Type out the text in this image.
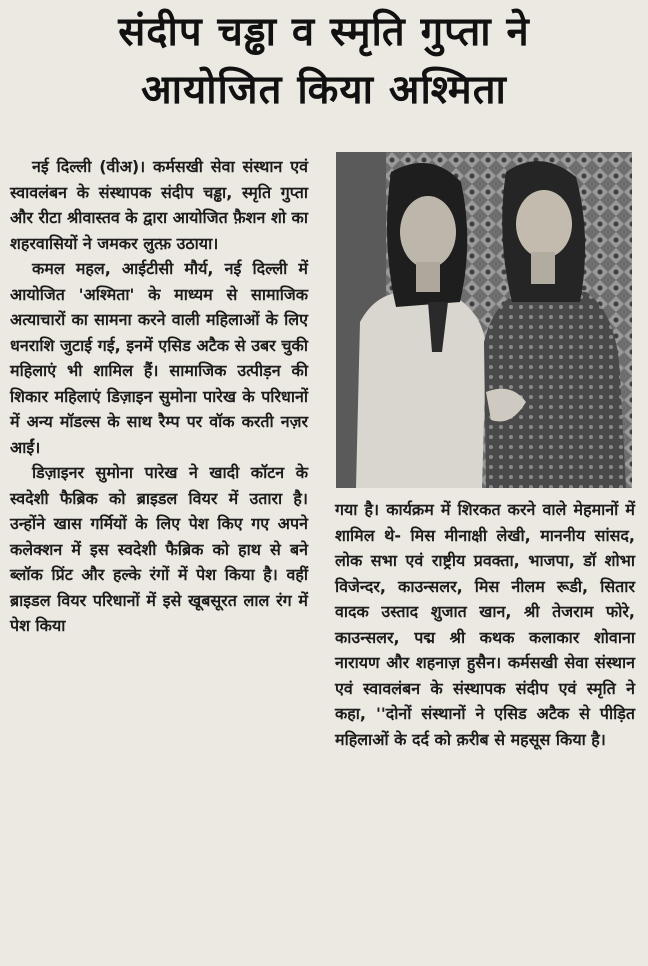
संदीप चड्ढा व स्मृति गुप्ता ने
आयोजित किया अश्मिता

नई दिल्ली (वीअ)। कर्मसखी सेवा संस्थान एवं स्वावलंबन के संस्थापक संदीप चड्ढा, स्मृति गुप्ता और रीटा श्रीवास्तव के द्वारा आयोजित फ़ैशन शो का शहरवासियों ने जमकर लुत्फ़ उठाया।

कमल महल, आईटीसी मौर्य, नई दिल्ली में आयोजित 'अश्मिता' के माध्यम से सामाजिक अत्याचारों का सामना करने वाली महिलाओं के लिए धनराशि जुटाई गई, इनमें एसिड अटैक से उबर चुकी महिलाएं भी शामिल हैं। सामाजिक उत्पीड़न की शिकार महिलाएं डिज़ाइन सुमोना पारेख के परिधानों में अन्य मॉडल्स के साथ रैम्प पर वॉक करती नज़र आईं।

डिज़ाइनर सुमोना पारेख ने खादी कॉटन के स्वदेशी फैब्रिक को ब्राइडल वियर में उतारा है। उन्होंने खास गर्मियों के लिए पेश किए गए अपने कलेक्शन में इस स्वदेशी फैब्रिक को हाथ से बने ब्लॉक प्रिंट और हल्के रंगों में पेश किया है। वहीं ब्राइडल वियर परिधानों में इसे खूबसूरत लाल रंग में पेश किया

गया है। कार्यक्रम में शिरकत करने वाले मेहमानों में शामिल थे- मिस मीनाक्षी लेखी, माननीय सांसद, लोक सभा एवं राष्ट्रीय प्रवक्ता, भाजपा, डॉ शोभा विजेन्दर, काउन्सलर, मिस नीलम रूडी, सितार वादक उस्ताद शुजात खान, श्री तेजराम फोरे, काउन्सलर, पद्म श्री कथक कलाकार शोवाना नारायण और शहनाज़ हुसैन। कर्मसखी सेवा संस्थान एवं स्वावलंबन के संस्थापक संदीप एवं स्मृति ने कहा, ''दोनों संस्थानों ने एसिड अटैक से पीड़ित महिलाओं के दर्द को क़रीब से महसूस किया है।
